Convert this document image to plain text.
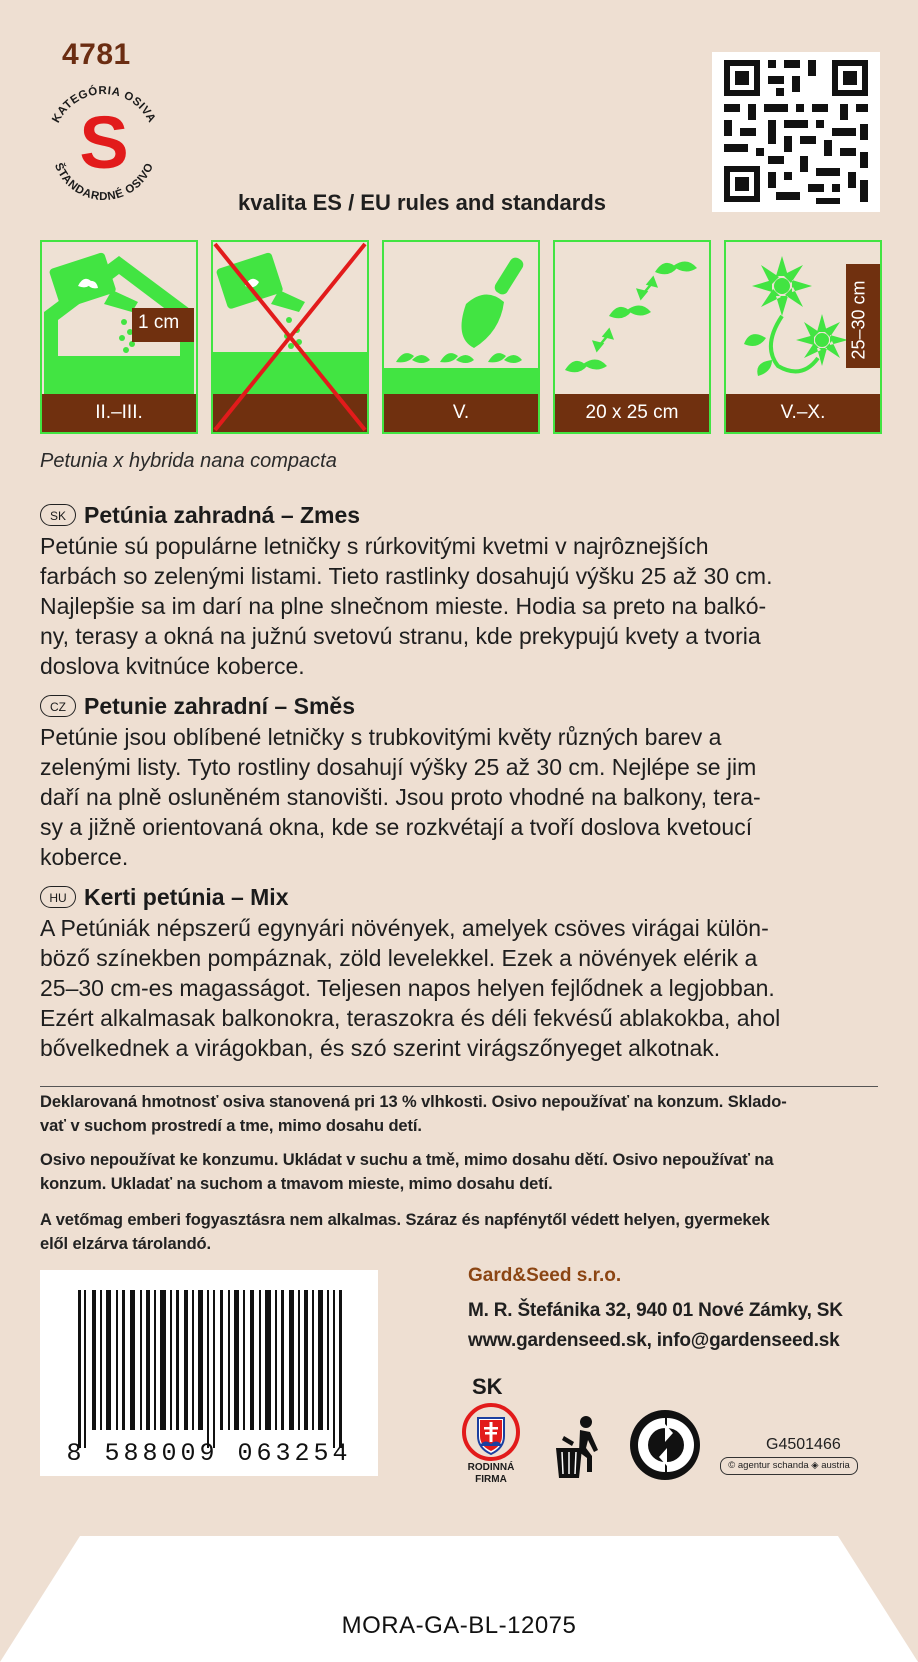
4781
KATEGÓRIA OSIVA
ŠTANDARDNÉ OSIVO
S
kvalita ES / EU rules and standards
1 cm
II.–III.	V.	20 x 25 cm
25–30 cm
V.–X.
Petunia x hybrida nana compacta
SK Petúnia zahradná – Zmes
Petúnie sú populárne letničky s rúrkovitými kvetmi v najrôznejších
farbách so zelenými listami. Tieto rastlinky dosahujú výšku 25 až 30 cm.
Najlepšie sa im darí na plne slnečnom mieste. Hodia sa preto na balkó-
ny, terasy a okná na južnú svetovú stranu, kde prekypujú kvety a tvoria
doslova kvitnúce koberce.
CZ Petunie zahradní – Směs
Petúnie jsou oblíbené letničky s trubkovitými květy různých barev a
zelenými listy. Tyto rostliny dosahují výšky 25 až 30 cm. Nejlépe se jim
daří na plně osluněném stanovišti. Jsou proto vhodné na balkony, tera-
sy a jižně orientovaná okna, kde se rozkvétají a tvoří doslova kvetoucí
koberce.
HU Kerti petúnia – Mix
A Petúniák népszerű egynyári növények, amelyek csöves virágai külön-
böző színekben pompáznak, zöld levelekkel. Ezek a növények elérik a
25–30 cm-es magasságot. Teljesen napos helyen fejlődnek a legjobban.
Ezért alkalmasak balkonokra, teraszokra és déli fekvésű ablakokba, ahol
bővelkednek a virágokban, és szó szerint virágszőnyeget alkotnak.
Deklarovaná hmotnosť osiva stanovená pri 13 % vlhkosti. Osivo nepoužívať na konzum. Sklado-
vať v suchom prostredí a tme, mimo dosahu detí.
Osivo nepoužívat ke konzumu. Ukládat v suchu a tmě, mimo dosahu dětí. Osivo nepoužívať na
konzum. Ukladať na suchom a tmavom mieste, mimo dosahu detí.
A vetőmag emberi fogyasztásra nem alkalmas. Száraz és napfénytől védett helyen, gyermekek
elől elzárva tárolandó.
8 588009 063254
Gard&Seed s.r.o.
M. R. Štefánika 32, 940 01 Nové Zámky, SK
www.gardenseed.sk, info@gardenseed.sk
SK
RODINNÁ FIRMA
G4501466
© agentur schanda ◈ austria
MORA-GA-BL-12075
